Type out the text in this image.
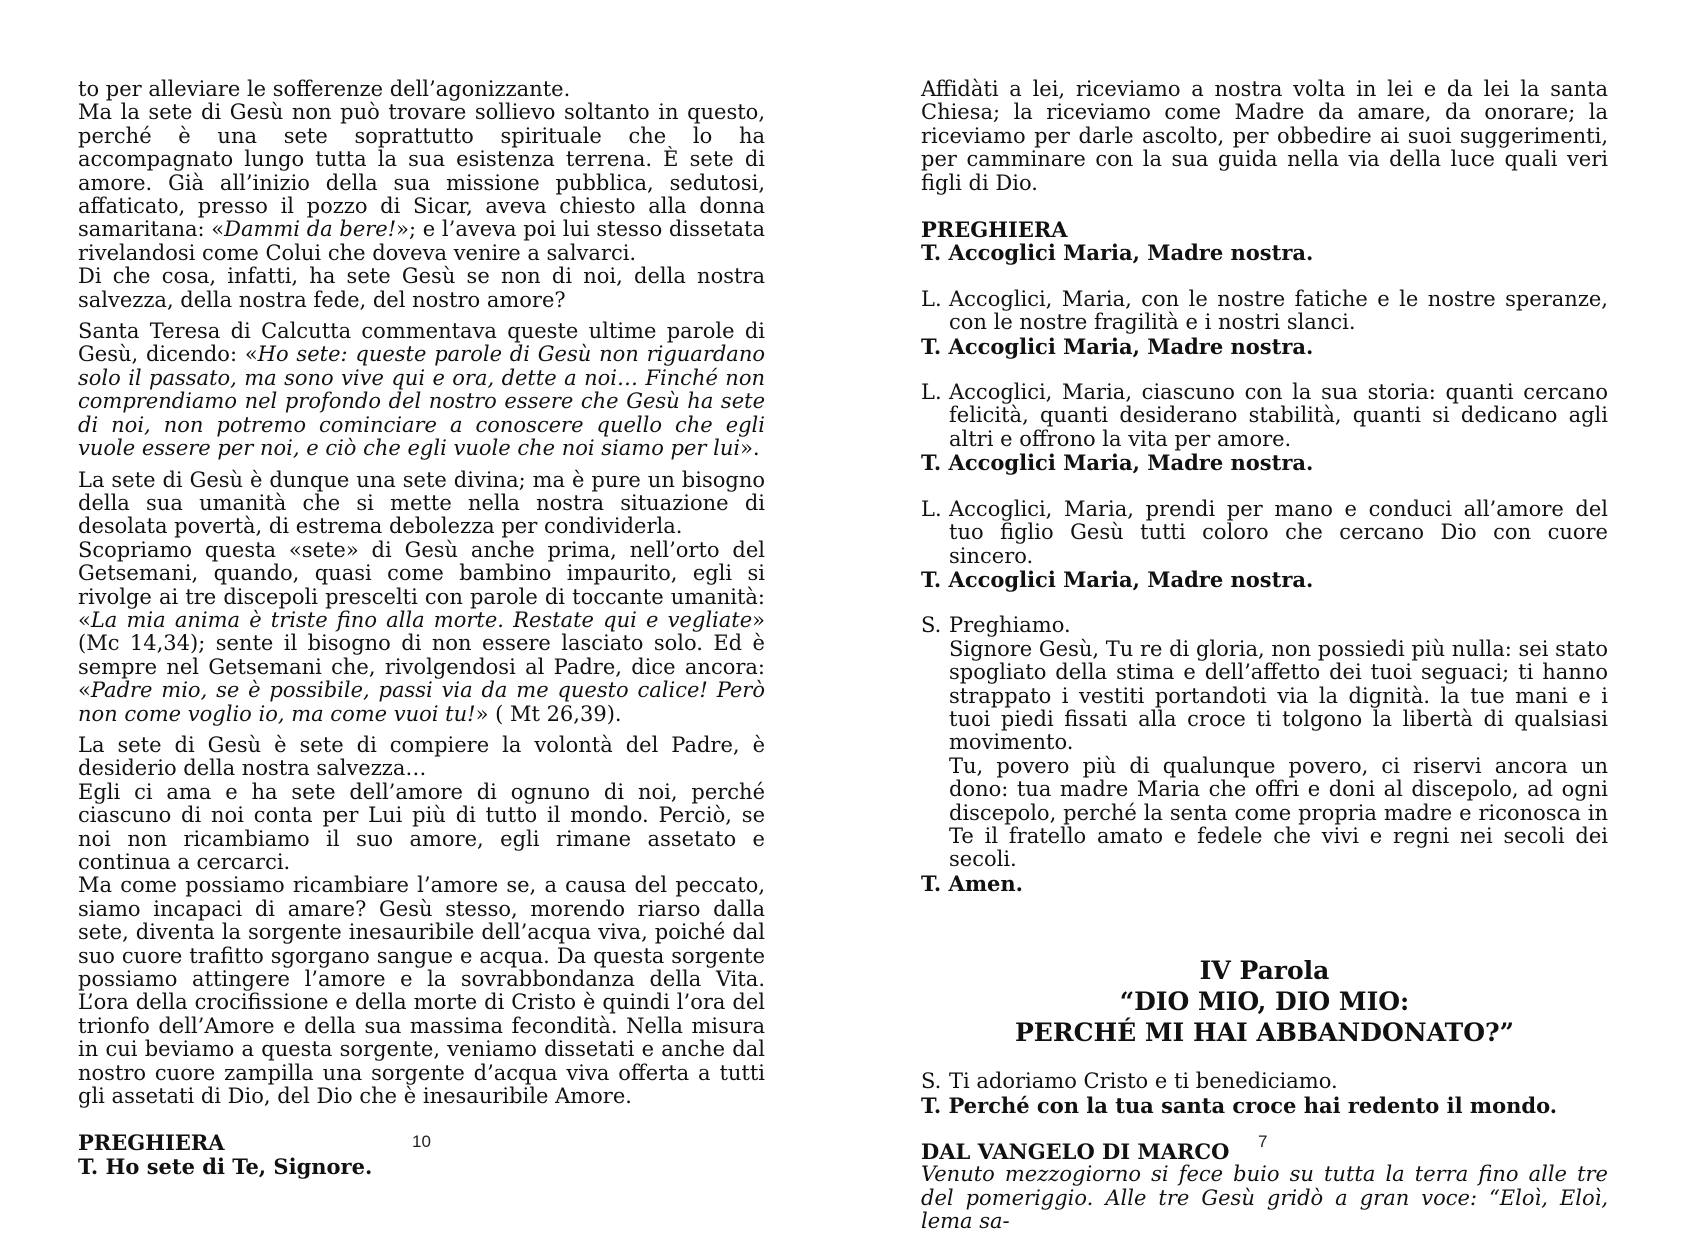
to per alleviare le sofferenze dell’agonizzante.

Ma la sete di Gesù non può trovare sollievo soltanto in questo, perché è una sete soprattutto spirituale che lo ha accompagnato lungo tutta la sua esistenza terrena. È sete di amore. Già all’inizio della sua missione pubblica, sedutosi, affaticato, presso il pozzo di Sicar, aveva chiesto alla donna samaritana: «Dammi da bere!»; e l’aveva poi lui stesso dissetata rivelandosi come Colui che doveva venire a salvarci.

Di che cosa, infatti, ha sete Gesù se non di noi, della nostra salvezza, della nostra fede, del nostro amore?

Santa Teresa di Calcutta commentava queste ultime parole di Gesù, dicendo: «Ho sete: queste parole di Gesù non riguardano solo il passato, ma sono vive qui e ora, dette a noi… Finché non comprendiamo nel profondo del nostro essere che Gesù ha sete di noi, non potremo cominciare a conoscere quello che egli vuole essere per noi, e ciò che egli vuole che noi siamo per lui».

La sete di Gesù è dunque una sete divina; ma è pure un bisogno della sua umanità che si mette nella nostra situazione di desolata povertà, di estrema debolezza per condividerla.

Scopriamo questa «sete» di Gesù anche prima, nell’orto del Getsemani, quando, quasi come bambino impaurito, egli si rivolge ai tre discepoli prescelti con parole di toccante umanità: «La mia anima è triste fino alla morte. Restate qui e vegliate» (Mc 14,34); sente il bisogno di non essere lasciato solo. Ed è sempre nel Getsemani che, rivolgendosi al Padre, dice ancora: «Padre mio, se è possibile, passi via da me questo calice! Però non come voglio io, ma come vuoi tu!» ( Mt 26,39).

La sete di Gesù è sete di compiere la volontà del Padre, è desiderio della nostra salvezza…

Egli ci ama e ha sete dell’amore di ognuno di noi, perché ciascuno di noi conta per Lui più di tutto il mondo. Perciò, se noi non ricambiamo il suo amore, egli rimane assetato e continua a cercarci.

Ma come possiamo ricambiare l’amore se, a causa del peccato, siamo incapaci di amare? Gesù stesso, morendo riarso dalla sete, diventa la sorgente inesauribile dell’acqua viva, poiché dal suo cuore trafitto sgorgano sangue e acqua. Da questa sorgente possiamo attingere l’amore e la sovrabbondanza della Vita. L’ora della crocifissione e della morte di Cristo è quindi l’ora del trionfo dell’Amore e della sua massima fecondità. Nella misura in cui beviamo a questa sorgente, veniamo dissetati e anche dal nostro cuore zampilla una sorgente d’acqua viva offerta a tutti gli assetati di Dio, del Dio che è inesauribile Amore.

PREGHIERA

T. Ho sete di Te, Signore.

10

Affidàti a lei, riceviamo a nostra volta in lei e da lei la santa Chiesa; la riceviamo come Madre da amare, da onorare; la riceviamo per darle ascolto, per obbedire ai suoi suggerimenti, per camminare con la sua guida nella via della luce quali veri figli di Dio.

PREGHIERA

T. Accoglici Maria, Madre nostra.

L. Accoglici, Maria, con le nostre fatiche e le nostre speranze, con le nostre fragilità e i nostri slanci.

T. Accoglici Maria, Madre nostra.

L. Accoglici, Maria, ciascuno con la sua storia: quanti cercano felicità, quanti desiderano stabilità, quanti si dedicano agli altri e offrono la vita per amore.

T. Accoglici Maria, Madre nostra.

L. Accoglici, Maria, prendi per mano e conduci all’amore del tuo figlio Gesù tutti coloro che cercano Dio con cuore sincero.

T. Accoglici Maria, Madre nostra.

S. Preghiamo.

Signore Gesù, Tu re di gloria, non possiedi più nulla: sei stato spogliato della stima e dell’affetto dei tuoi seguaci; ti hanno strappato i vestiti portandoti via la dignità. la tue mani e i tuoi piedi fissati alla croce ti tolgono la libertà di qualsiasi movimento.

Tu, povero più di qualunque povero, ci riservi ancora un dono: tua madre Maria che offri e doni al discepolo, ad ogni discepolo, perché la senta come propria madre e riconosca in Te il fratello amato e fedele che vivi e regni nei secoli dei secoli.

T. Amen.

IV Parola
“DIO MIO, DIO MIO:
PERCHÉ MI HAI ABBANDONATO?”
S. Ti adoriamo Cristo e ti benediciamo.

T. Perché con la tua santa croce hai redento il mondo.

DAL VANGELO DI MARCO

Venuto mezzogiorno si fece buio su tutta la terra fino alle tre del pomeriggio. Alle tre Gesù gridò a gran voce: “Eloì, Eloì, lema sa-

7
